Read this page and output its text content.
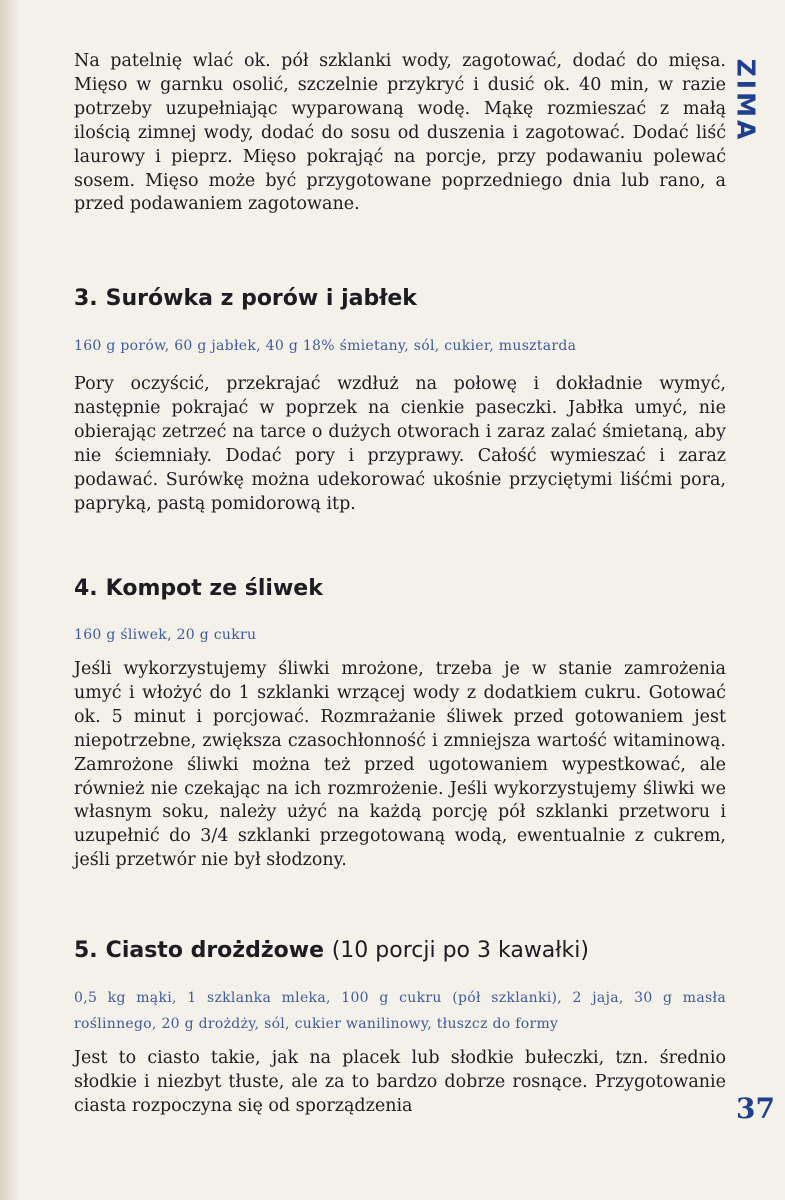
ZIMA

Na patelnię wlać ok. pół szklanki wody, zagotować, dodać do mięsa. Mięso w garnku osolić, szczelnie przykryć i dusić ok. 40 min, w razie potrzeby uzupełniając wyparowaną wodę. Mąkę rozmieszać z małą ilością zimnej wody, dodać do sosu od duszenia i zagotować. Dodać liść laurowy i pieprz. Mięso pokrająć na porcje, przy podawaniu polewać sosem. Mięso może być przygotowane poprzedniego dnia lub rano, a przed podawaniem zagotowane.

3. Surówka z porów i jabłek

160 g porów, 60 g jabłek, 40 g 18% śmietany, sól, cukier, musztarda

Pory oczyścić, przekrajać wzdłuż na połowę i dokładnie wymyć, następnie pokrajać w poprzek na cienkie paseczki. Jabłka umyć, nie obierając zetrzeć na tarce o dużych otworach i zaraz zalać śmietaną, aby nie ściemniały. Dodać pory i przyprawy. Całość wymieszać i zaraz podawać. Surówkę można udekorować ukośnie przyciętymi liśćmi pora, papryką, pastą pomidorową itp.

4. Kompot ze śliwek

160 g śliwek, 20 g cukru

Jeśli wykorzystujemy śliwki mrożone, trzeba je w stanie zamrożenia umyć i włożyć do 1 szklanki wrzącej wody z dodatkiem cukru. Gotować ok. 5 minut i porcjować. Rozmrażanie śliwek przed gotowaniem jest niepotrzebne, zwiększa czasochłonność i zmniejsza wartość witaminową. Zamrożone śliwki można też przed ugotowaniem wypestkować, ale również nie czekając na ich rozmrożenie. Jeśli wykorzystujemy śliwki we własnym soku, należy użyć na każdą porcję pół szklanki przetworu i uzupełnić do 3/4 szklanki przegotowaną wodą, ewentualnie z cukrem, jeśli przetwór nie był słodzony.

5. Ciasto drożdżowe (10 porcji po 3 kawałki)

0,5 kg mąki, 1 szklanka mleka, 100 g cukru (pół szklanki), 2 jaja, 30 g masła roślinnego, 20 g drożdży, sól, cukier wanilinowy, tłuszcz do formy

Jest to ciasto takie, jak na placek lub słodkie bułeczki, tzn. średnio słodkie i niezbyt tłuste, ale za to bardzo dobrze rosnące. Przygotowanie ciasta rozpoczyna się od sporządzenia	37
